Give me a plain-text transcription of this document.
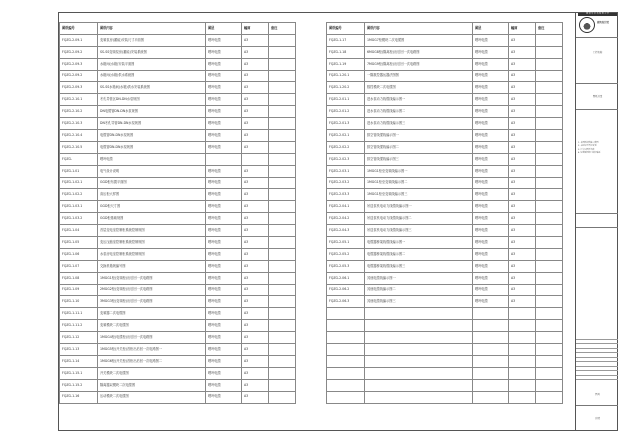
图纸编号	图纸内容	图层	幅面	备注
FQZG-2.09.1	变频泵房(蓄能)安装尺寸平面图	嘌呤电缆	A3	
FQZG-2.09.2	SS-SS变频泵房(蓄能)安装系统图	嘌呤电缆	A3	
FQZG-2.09.3	水箱间(水箱)安装平面图	嘌呤电缆	A3	
FQZG-2.09.2	水箱间(水箱)供水系统图	嘌呤电缆	A3	
FQZG-2.09.3	SS-SS水箱间(水箱)供水安装系统图	嘌呤电缆	A3	
FQZG-2.10.1	冬孔导管区DN-DN水泵规图	嘌呤电缆	A3	
FQZG-2.10.2	DN电缆管DN-DN水泵规图	嘌呤电缆	A3	
FQZG-2.10.3	DN冬孔导管DN-DN水泵规图	嘌呤电缆	A3	
FQZG-2.10.4	电缆管DN-DN水泵规图	嘌呤电缆	A3	
FQZG-2.10.5	电缆管DN-DN水泵规图	嘌呤电缆	A3	
FQZG-	嘌呤电缆			
FQZG-1.01	电气设计说明	嘌呤电缆	A3	
FQZG-1.02.1	GGD柜布置平面图	嘌呤电缆	A3	
FQZG-1.02.2	高压柜大样图	嘌呤电缆	A3	
FQZG-1.03.1	GGD柜尺寸图	嘌呤电缆	A3	
FQZG-1.03.2	GGD柜基础规图	嘌呤电缆	A3	
FQZG-1.04	首层变电室控制柜系统控制规图	嘌呤电缆	A3	
FQZG-1.05	变压压缩室控制柜系统控制规图	嘌呤电缆	A3	
FQZG-1.06	水泵房电室控制柜系统控制规图	嘌呤电缆	A3	
FQZG-1.07	交换机箱规编号图	嘌呤电缆	A3	
FQZG-1.08	1MGG1柜(变频柜)出后回一次电路图	嘌呤电缆	A3	
FQZG-1.09	2MGG2柜(变频柜)出后回一次电路图	嘌呤电缆	A3	
FQZG-1.10	3MGG3柜(变频柜)出后回一次电路图	嘌呤电缆	A3	
FQZG-1.11.1	变频器二次电缆图	嘌呤电缆	A3	
FQZG-1.11.2	变频模块二次电缆图	嘌呤电缆	A3	
FQZG-1.12	1MGG4柜(电缆柜)出后回一次电路图	嘌呤电缆	A3	
FQZG-1.13	1MGG5柜(开关柜)首柜出后回一次电路图一	嘌呤电缆	A3	
FQZG-1.14	1MGG6柜(开关柜)首柜出后回一次电路图二	嘌呤电缆	A3	
FQZG-1.15.1	开关模块二次电缆图	嘌呤电缆	A3	
FQZG-1.15.2	隔离器双模块二次电缆图	嘌呤电缆	A3	
FQZG-1.16	压动模块二次电缆图	嘌呤电缆	A3	
图纸编号	图纸内容	图层	幅面	备注
FQZG-1.17	1MGG7柜模块二次电缆图	嘌呤电缆	A3	
FQZG-1.18	6MGG8柜(隔离柜)出后回一次电路图	嘌呤电缆	A3	
FQZG-1.19	7MGG9柜(隔离柜)出后回一次电路图	嘌呤电缆	A3	
FQZG-1.20.1	一隔数控器运器法图图	嘌呤电缆	A3	
FQZG-1.20.2	数控模块二次电缆图	嘌呤电缆	A3	
FQZG-2.01.1	进水泵动力线缆线编示图一	嘌呤电缆	A3	
FQZG-2.01.2	进水泵动力线缆线编示图二	嘌呤电缆	A3	
FQZG-2.01.3	进水泵动力线缆线编示图三	嘌呤电缆	A3	
FQZG-2.02.1	排空管线缆线编示图一	嘌呤电缆	A3	
FQZG-2.02.2	排空管线缆线编示图二	嘌呤电缆	A3	
FQZG-2.02.3	排空管线缆线编示图三	嘌呤电缆	A3	
FQZG-2.03.1	1MGG1柜至变频线编示图一	嘌呤电缆	A3	
FQZG-2.03.2	1MGG1柜至变频线编示图二	嘌呤电缆	A3	
FQZG-2.03.3	1MGG1柜至变频线编示图三	嘌呤电缆	A3	
FQZG-2.04.1	吊送泵机电动力线缆线编示图一	嘌呤电缆	A3	
FQZG-2.04.2	吊送泵机电动力线缆线编示图二	嘌呤电缆	A3	
FQZG-2.04.3	吊送泵机电动力线缆线编示图三	嘌呤电缆	A3	
FQZG-2.05.1	电缆器桥架线缆线编示图一	嘌呤电缆	A3	
FQZG-2.05.2	电缆器桥架线缆线编示图二	嘌呤电缆	A3	
FQZG-2.05.3	电缆器桥架线缆线编示图三	嘌呤电缆	A3	
FQZG-2.06.1	其他电缆线编示图一	嘌呤电缆	A3	
FQZG-2.06.2	其他电缆线编示图二	嘌呤电缆	A3	
FQZG-2.06.3	其他电缆线编示图三	嘌呤电缆	A3	

建 设 单 位 名 称 标 志 栏
建筑设计院
工程名称
图纸目录

1. 本图纸仅供施工使用

2. 未经许可不得复制

3. 尺寸以图示为准

4. 如有疑问请与设计联系

图号
日期
